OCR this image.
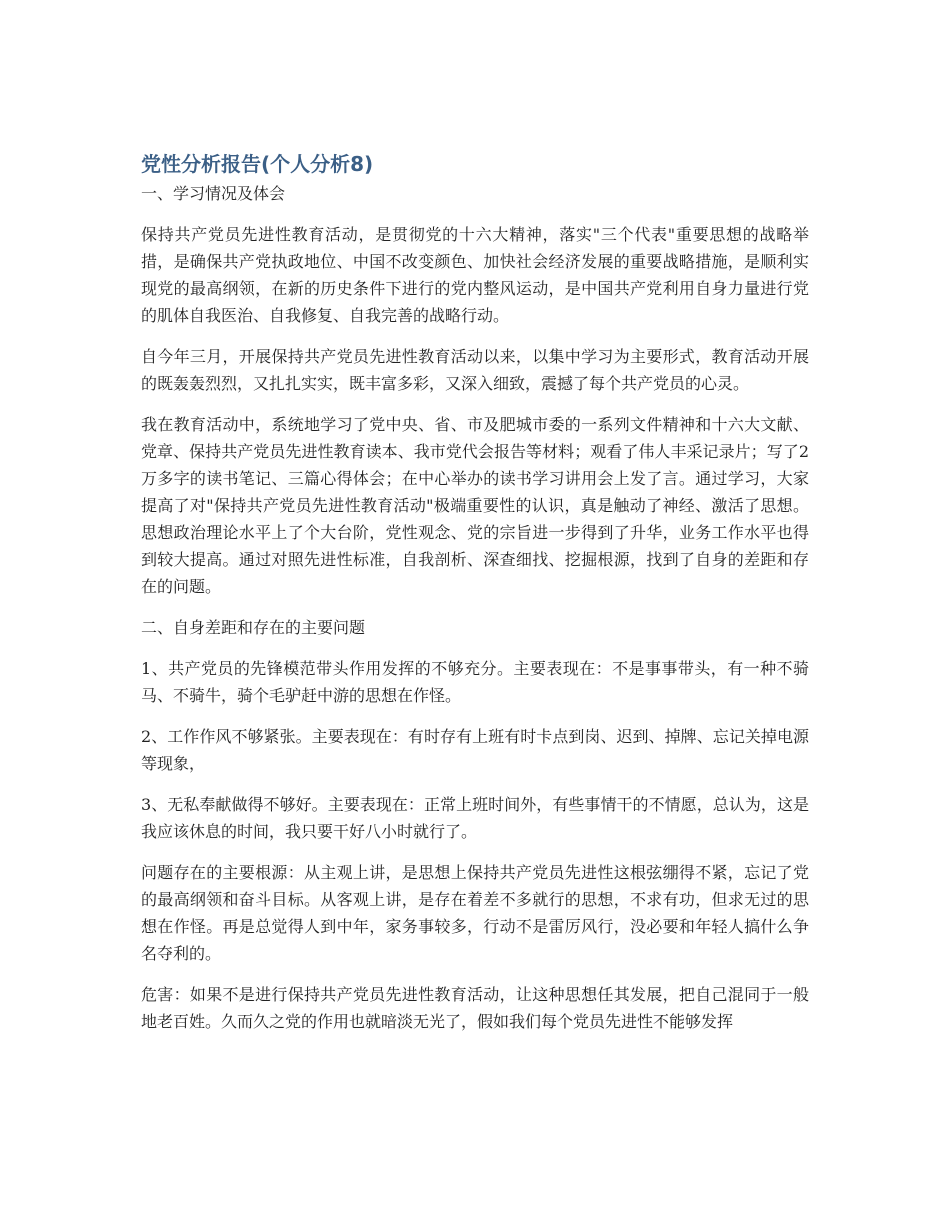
党性分析报告(个人分析8)

一、学习情况及体会

保持共产党员先进性教育活动，是贯彻党的十六大精神，落实"三个代表"重要思想的战略举措，是确保共产党执政地位、中国不改变颜色、加快社会经济发展的重要战略措施，是顺利实现党的最高纲领，在新的历史条件下进行的党内整风运动，是中国共产党利用自身力量进行党的肌体自我医治、自我修复、自我完善的战略行动。

自今年三月，开展保持共产党员先进性教育活动以来，以集中学习为主要形式，教育活动开展的既轰轰烈烈，又扎扎实实，既丰富多彩，又深入细致，震撼了每个共产党员的心灵。

我在教育活动中，系统地学习了党中央、省、市及肥城市委的一系列文件精神和十六大文献、党章、保持共产党员先进性教育读本、我市党代会报告等材料；观看了伟人丰采记录片；写了2万多字的读书笔记、三篇心得体会；在中心举办的读书学习讲用会上发了言。通过学习，大家提高了对"保持共产党员先进性教育活动"极端重要性的认识，真是触动了神经、激活了思想。思想政治理论水平上了个大台阶，党性观念、党的宗旨进一步得到了升华，业务工作水平也得到较大提高。通过对照先进性标准，自我剖析、深查细找、挖掘根源，找到了自身的差距和存在的问题。

二、自身差距和存在的主要问题

1、共产党员的先锋模范带头作用发挥的不够充分。主要表现在：不是事事带头，有一种不骑马、不骑牛，骑个毛驴赶中游的思想在作怪。

2、工作作风不够紧张。主要表现在：有时存有上班有时卡点到岗、迟到、掉牌、忘记关掉电源等现象，

3、无私奉献做得不够好。主要表现在：正常上班时间外，有些事情干的不情愿，总认为，这是我应该休息的时间，我只要干好八小时就行了。

问题存在的主要根源：从主观上讲，是思想上保持共产党员先进性这根弦绷得不紧，忘记了党的最高纲领和奋斗目标。从客观上讲，是存在着差不多就行的思想，不求有功，但求无过的思想在作怪。再是总觉得人到中年，家务事较多，行动不是雷厉风行，没必要和年轻人搞什么争名夺利的。

危害：如果不是进行保持共产党员先进性教育活动，让这种思想任其发展，把自己混同于一般地老百姓。久而久之党的作用也就暗淡无光了，假如我们每个党员先进性不能够发挥
